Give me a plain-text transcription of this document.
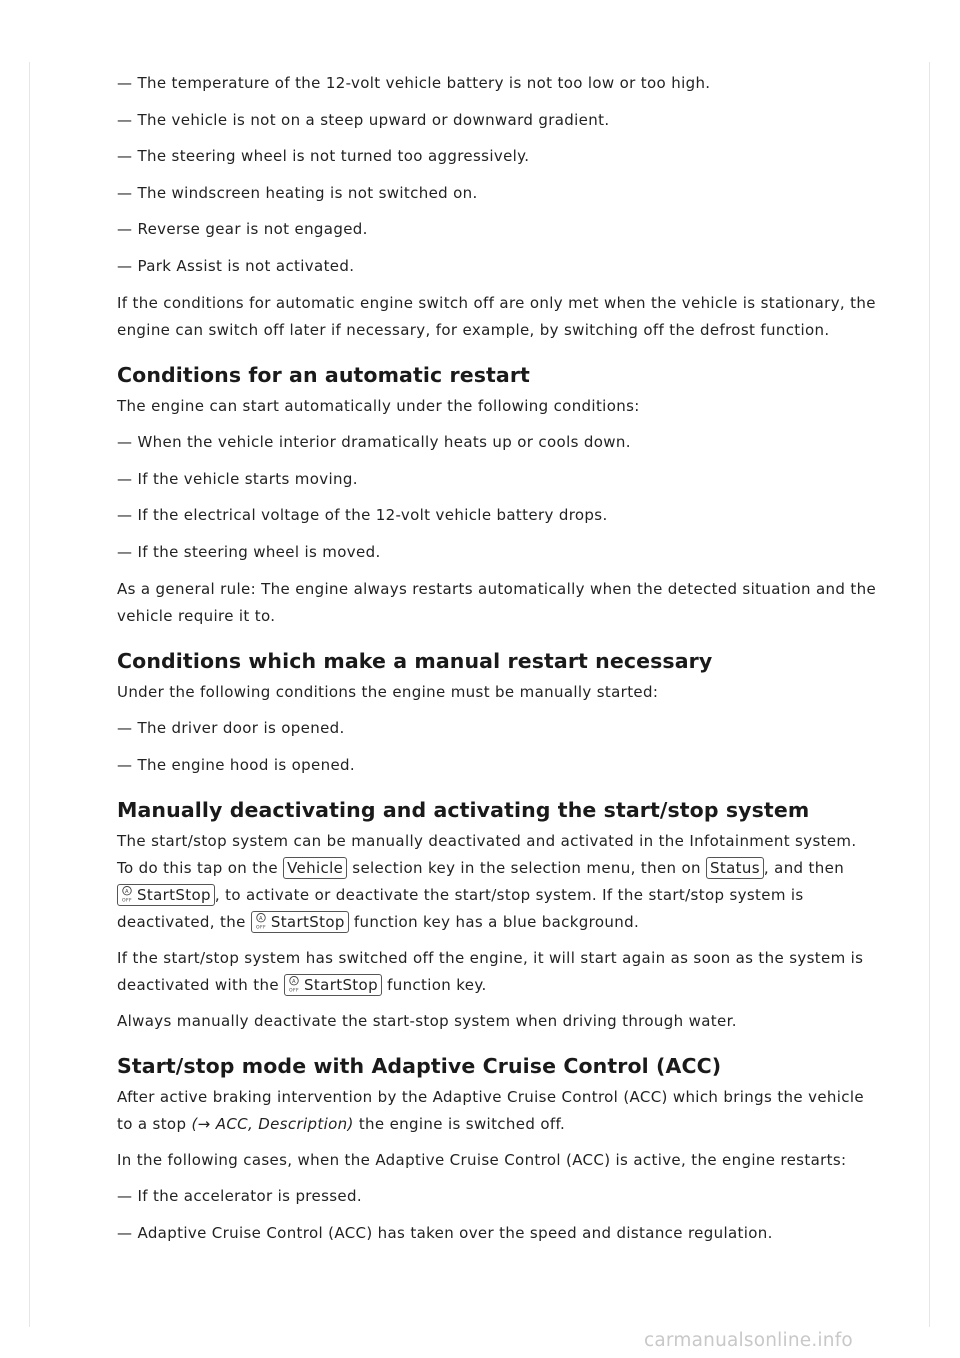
— The temperature of the 12-volt vehicle battery is not too low or too high.

— The vehicle is not on a steep upward or downward gradient.

— The steering wheel is not turned too aggressively.

— The windscreen heating is not switched on.

— Reverse gear is not engaged.

— Park Assist is not activated.

If the conditions for automatic engine switch off are only met when the vehicle is stationary, the engine can switch off later if necessary, for example, by switching off the defrost function.

Conditions for an automatic restart

The engine can start automatically under the following conditions:

— When the vehicle interior dramatically heats up or cools down.

— If the vehicle starts moving.

— If the electrical voltage of the 12-volt vehicle battery drops.

— If the steering wheel is moved.

As a general rule: The engine always restarts automatically when the detected situation and the vehicle require it to.

Conditions which make a manual restart necessary

Under the following conditions the engine must be manually started:

— The driver door is opened.

— The engine hood is opened.

Manually deactivating and activating the start/stop system

The start/stop system can be manually deactivated and activated in the Infotainment system. To do this tap on the Vehicle selection key in the selection menu, then on Status , and then
A
OFF StartStop , to activate or deactivate the start/stop system. If the start/stop system is deactivated, the	A
OFF StartStop function key has a blue background.

If the start/stop system has switched off the engine, it will start again as soon as the system is deactivated with the	A
OFF StartStop function key.

Always manually deactivate the start-stop system when driving through water.

Start/stop mode with Adaptive Cruise Control (ACC)

After active braking intervention by the Adaptive Cruise Control (ACC) which brings the vehicle to a stop (→ ACC, Description) the engine is switched off.

In the following cases, when the Adaptive Cruise Control (ACC) is active, the engine restarts:

— If the accelerator is pressed.

— Adaptive Cruise Control (ACC) has taken over the speed and distance regulation.

carmanualsonline.info
